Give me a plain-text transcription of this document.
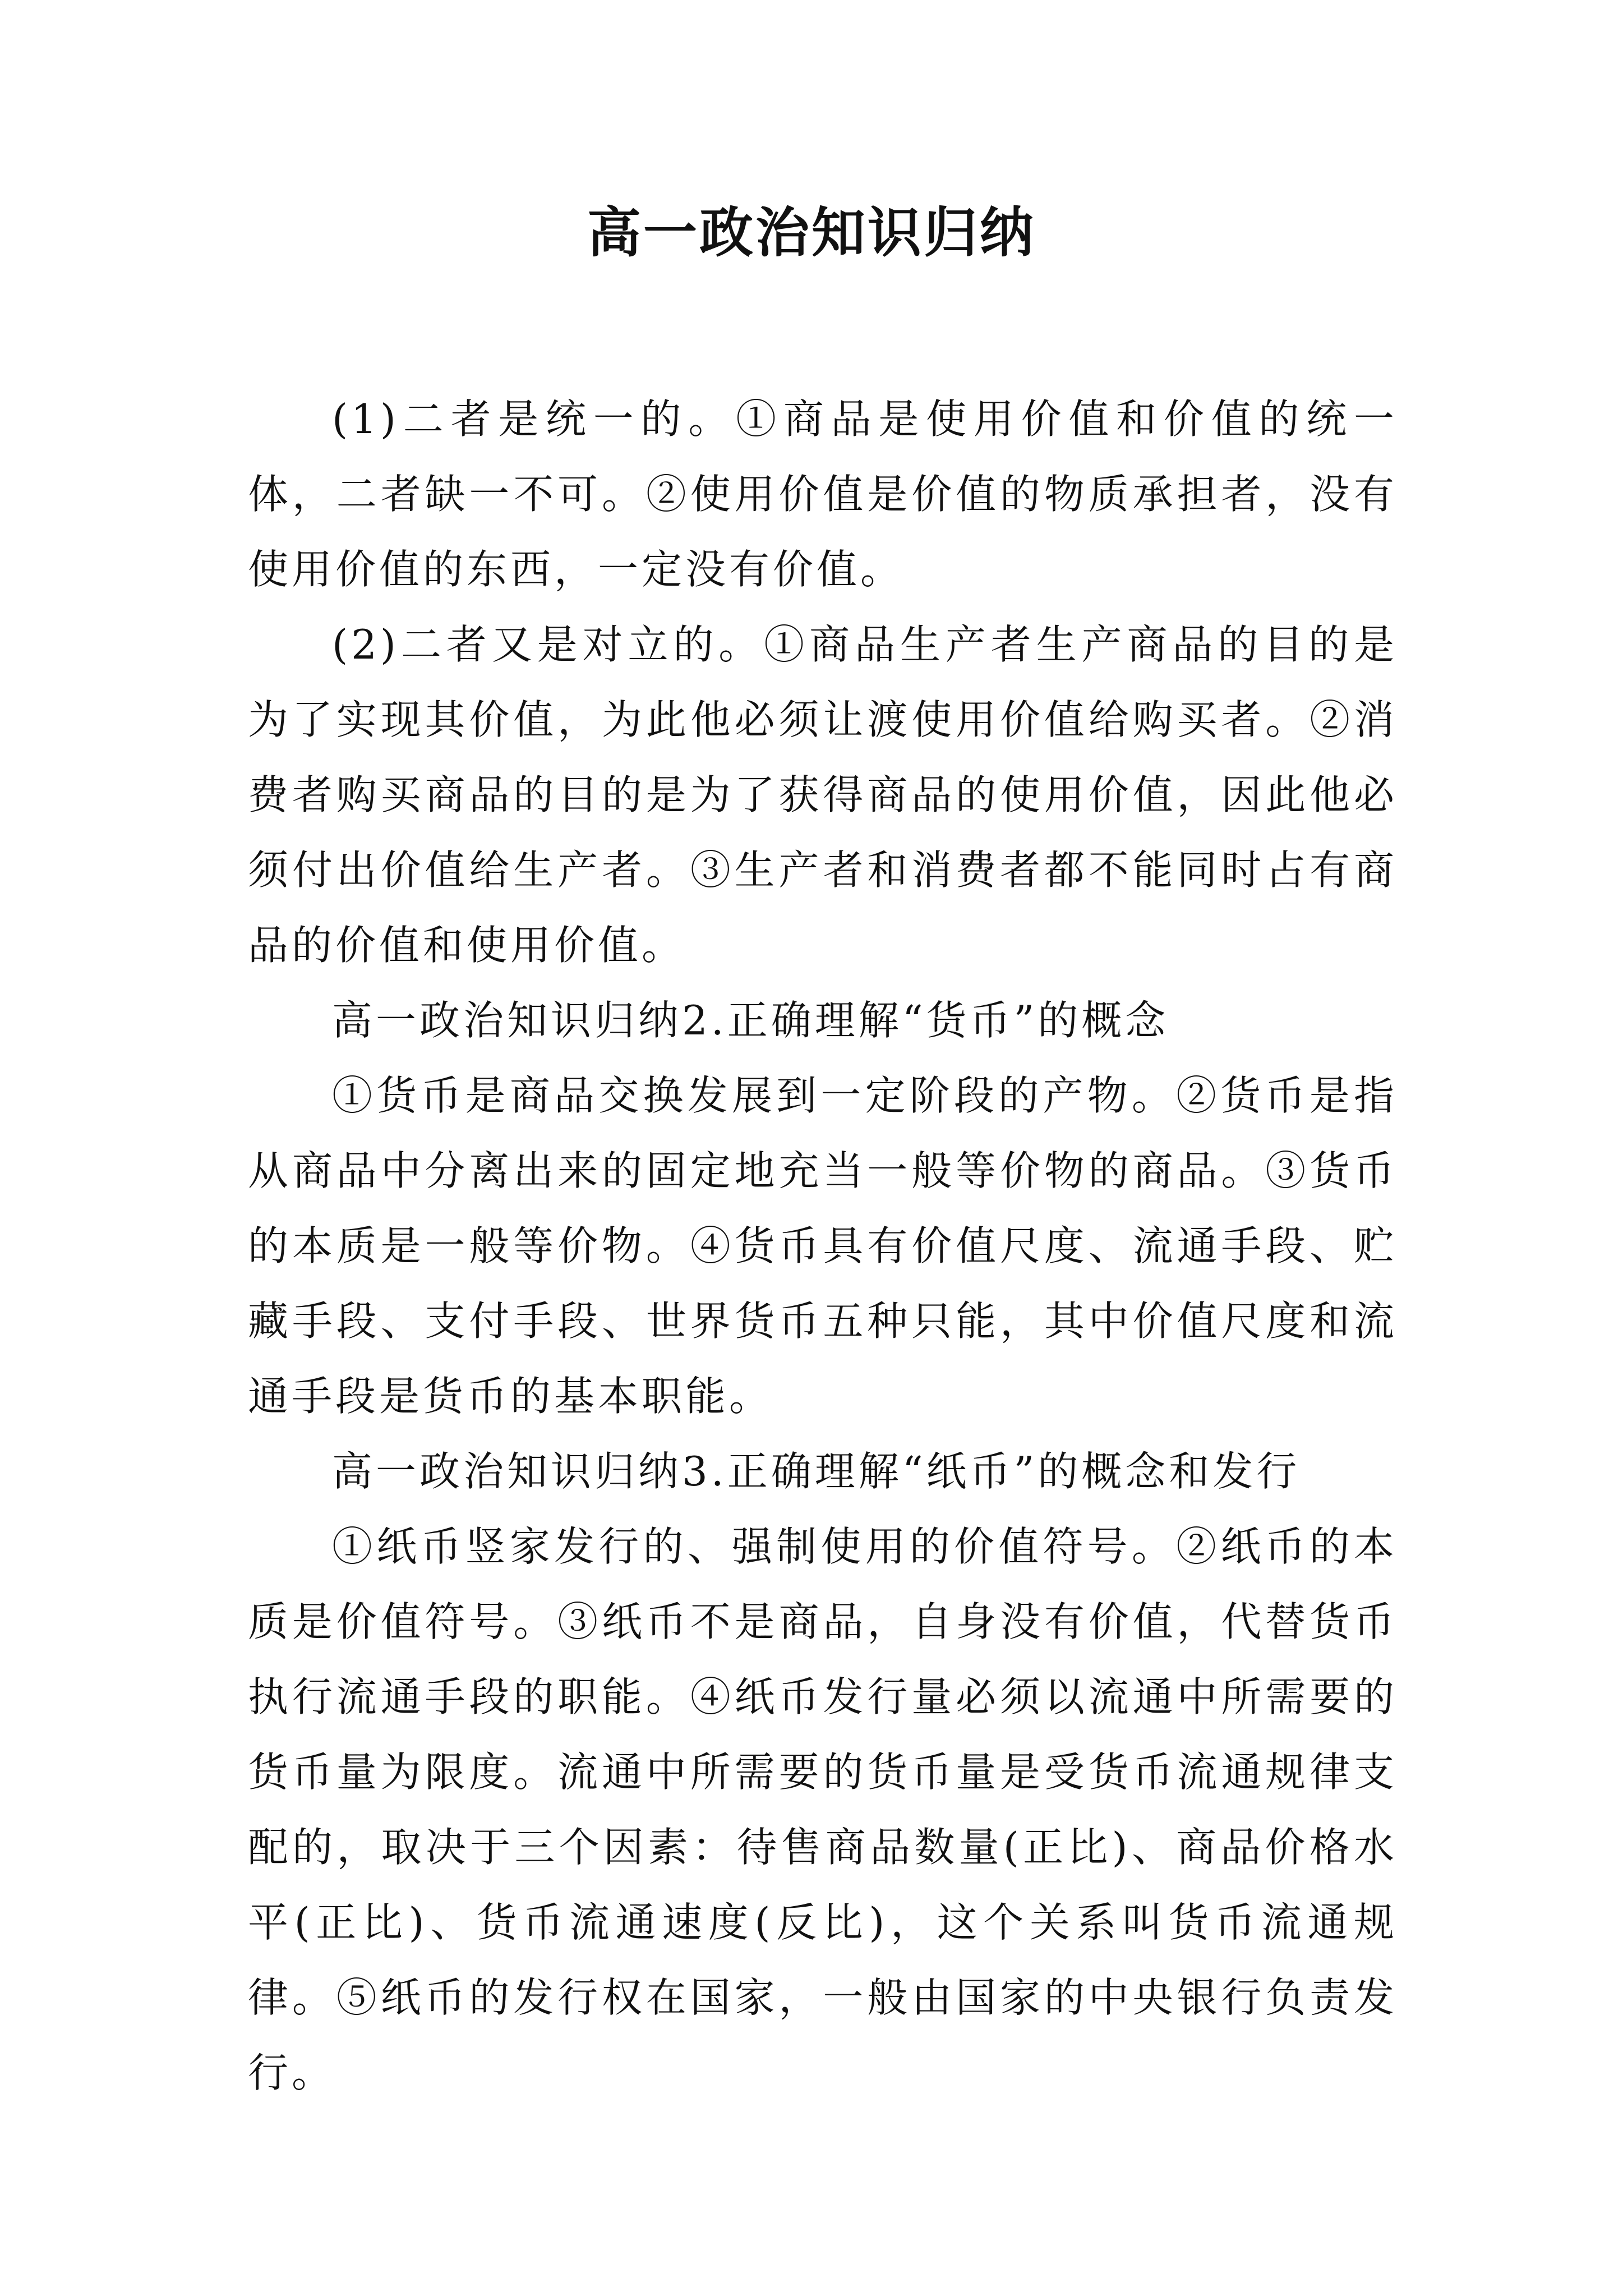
高一政治知识归纳

(1)二者是统一的。①商品是使用价值和价值的统一体，二者缺一不可。②使用价值是价值的物质承担者，没有使用价值的东西，一定没有价值。

(2)二者又是对立的。①商品生产者生产商品的目的是为了实现其价值，为此他必须让渡使用价值给购买者。②消费者购买商品的目的是为了获得商品的使用价值，因此他必须付出价值给生产者。③生产者和消费者都不能同时占有商品的价值和使用价值。

高一政治知识归纳2.正确理解“货币”的概念

①货币是商品交换发展到一定阶段的产物。②货币是指从商品中分离出来的固定地充当一般等价物的商品。③货币的本质是一般等价物。④货币具有价值尺度、流通手段、贮藏手段、支付手段、世界货币五种只能，其中价值尺度和流通手段是货币的基本职能。

高一政治知识归纳3.正确理解“纸币”的概念和发行

①纸币竖家发行的、强制使用的价值符号。②纸币的本质是价值符号。③纸币不是商品，自身没有价值，代替货币执行流通手段的职能。④纸币发行量必须以流通中所需要的货币量为限度。流通中所需要的货币量是受货币流通规律支配的，取决于三个因素：待售商品数量(正比)、商品价格水平(正比)、货币流通速度(反比)，这个关系叫货币流通规律。⑤纸币的发行权在国家，一般由国家的中央银行负责发行。
